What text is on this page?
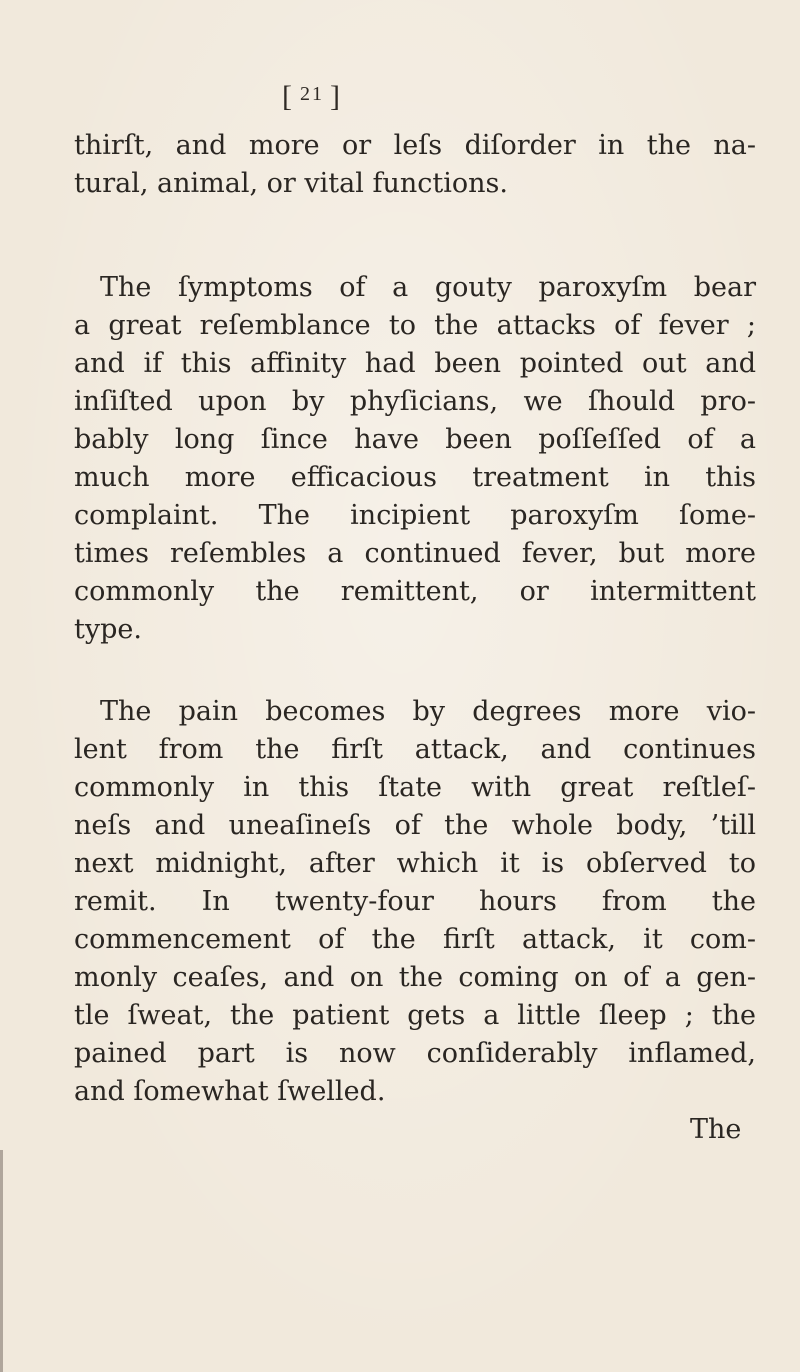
[ $^{21}$ ]
thirſt, and more or leſs diſorder in the na-
tural, animal, or vital functions.
The ſymptoms of a gouty paroxyſm bear
a great reſemblance to the attacks of fever ;
and if this affinity had been pointed out and
inſiſted upon by phyſicians, we ſhould pro-
bably long ſince have been poſſeſſed of a
much more efficacious treatment in this
complaint. The incipient paroxyſm ſome-
times reſembles a continued fever, but more
commonly the remittent, or intermittent
type.
The pain becomes by degrees more vio-
lent from the firſt attack, and continues
commonly in this ſtate with great reſtleſ-
neſs and uneaſineſs of the whole body, ’till
next midnight, after which it is obſerved to
remit. In twenty-four hours from the
commencement of the firſt attack, it com-
monly ceaſes, and on the coming on of a gen-
tle ſweat, the patient gets a little ſleep ; the
pained part is now conſiderably inflamed,
and ſomewhat ſwelled.
The
